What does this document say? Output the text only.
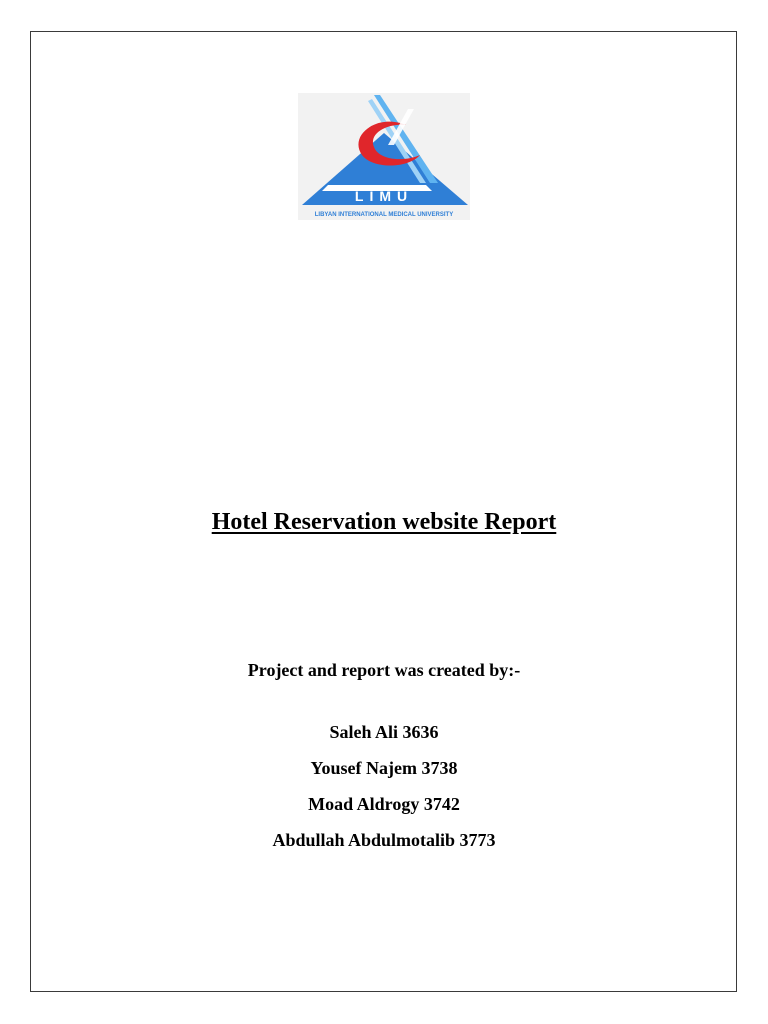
LIMU
LIBYAN INTERNATIONAL MEDICAL UNIVERSITY
Hotel Reservation website Report
Project and report was created by:-
Saleh Ali 3636
Yousef Najem 3738
Moad Aldrogy 3742
Abdullah Abdulmotalib 3773
